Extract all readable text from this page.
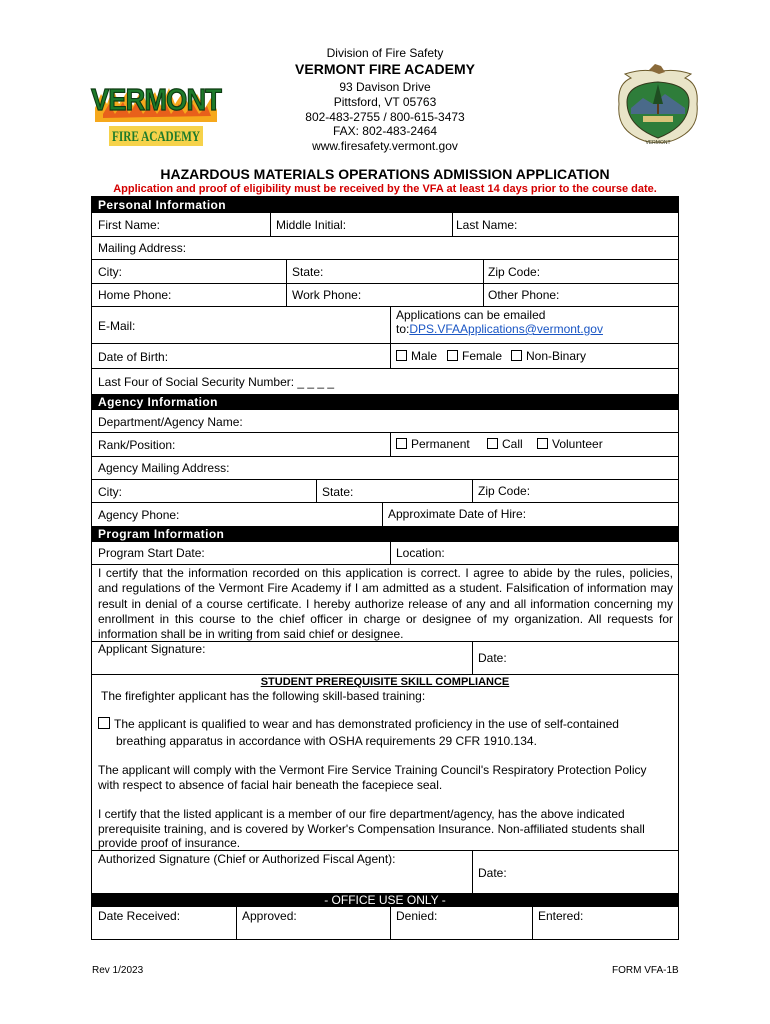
Division of Fire Safety
VERMONT FIRE ACADEMY
93 Davison Drive
Pittsford, VT 05763
802-483-2755 / 800-615-3473
FAX: 802-483-2464
www.firesafety.vermont.gov
VERMONT
FIRE ACADEMY	VERMONT
HAZARDOUS MATERIALS OPERATIONS ADMISSION APPLICATION
Application and proof of eligibility must be received by the VFA at least 14 days prior to the course date.
Personal Information
First Name:	Middle Initial:	Last Name:
Mailing Address:
City:	State:	Zip Code:
Home Phone:	Work Phone:	Other Phone:
E-Mail:
Applications can be emailed
to:DPS.VFAApplications@vermont.gov
Date of Birth:	Male	Female	Non-Binary
Last Four of Social Security Number: _ _ _ _
Agency Information
Department/Agency Name:
Rank/Position:	Permanent	Call	Volunteer
Agency Mailing Address:
City:	State:	Zip Code:
Agency Phone:	Approximate Date of Hire:
Program Information
Program Start Date:	Location:
I certify that the information recorded on this application is correct. I agree to abide by the rules, policies, and regulations of the Vermont Fire Academy if I am admitted as a student. Falsification of information may result in denial of a course certificate. I hereby authorize release of any and all information concerning my enrollment in this course to the chief officer in charge or designee of my organization. All requests for information shall be in writing from said chief or designee.
Applicant Signature:
Date:
STUDENT PREREQUISITE SKILL COMPLIANCE
The firefighter applicant has the following skill-based training:
The applicant is qualified to wear and has demonstrated proficiency in the use of self-contained
breathing apparatus in accordance with OSHA requirements 29 CFR 1910.134.
The applicant will comply with the Vermont Fire Service Training Council's Respiratory Protection Policy with respect to absence of facial hair beneath the facepiece seal.
I certify that the listed applicant is a member of our fire department/agency, has the above indicated prerequisite training, and is covered by Worker's Compensation Insurance. Non-affiliated students shall provide proof of insurance.
Authorized Signature (Chief or Authorized Fiscal Agent):
Date:
- OFFICE USE ONLY -
Date Received:	Approved:	Denied:	Entered:
Rev 1/2023	FORM VFA-1B
